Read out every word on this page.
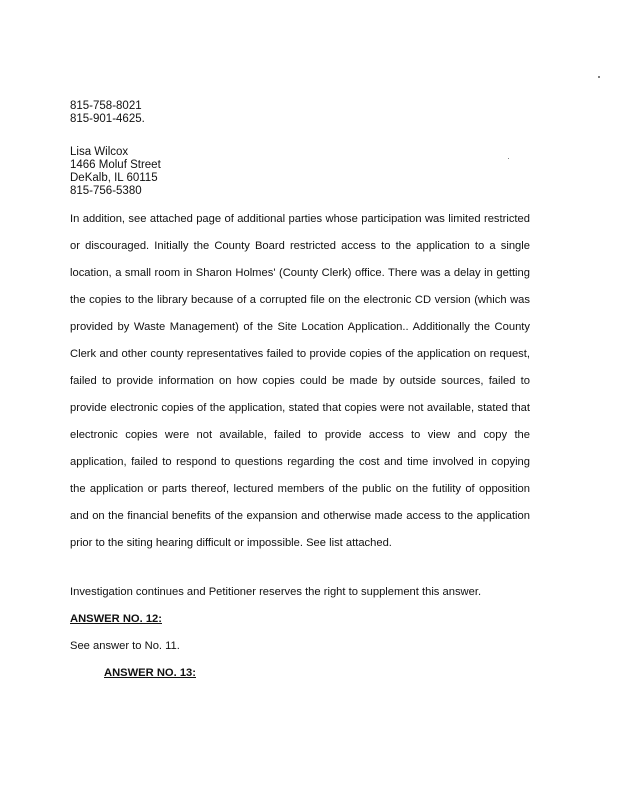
815-758-8021
815-901-4625.
Lisa Wilcox
1466 Moluf Street
DeKalb, IL 60115
815-756-5380

In addition, see attached page of additional parties whose participation was limited restricted or discouraged. Initially the County Board restricted access to the application to a single location, a small room in Sharon Holmes' (County Clerk) office. There was a delay in getting the copies to the library because of a corrupted file on the electronic CD version (which was provided by Waste Management) of the Site Location Application.. Additionally the County Clerk and other county representatives failed to provide copies of the application on request, failed to provide information on how copies could be made by outside sources, failed to provide electronic copies of the application, stated that copies were not available, stated that electronic copies were not available, failed to provide access to view and copy the application, failed to respond to questions regarding the cost and time involved in copying the application or parts thereof, lectured members of the public on the futility of opposition and on the financial benefits of the expansion and otherwise made access to the application prior to the siting hearing difficult or impossible. See list attached.

Investigation continues and Petitioner reserves the right to supplement this answer.
ANSWER NO. 12:
See answer to No. 11.
ANSWER NO. 13:
